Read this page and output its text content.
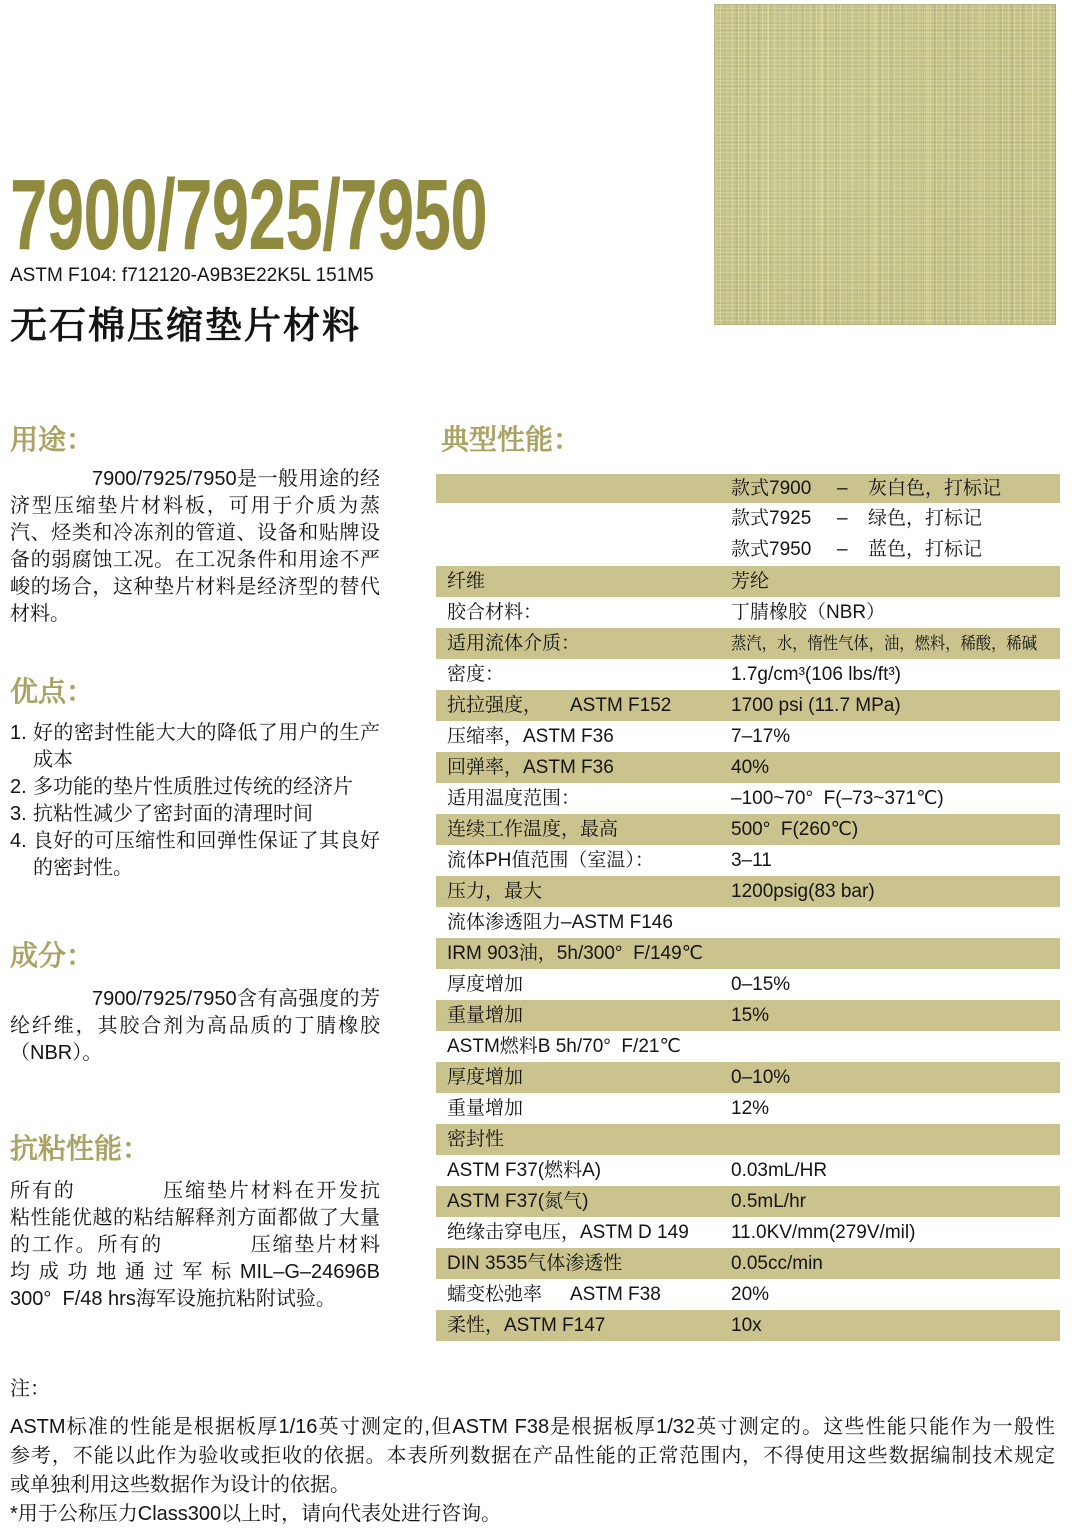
7900/7925/7950
ASTM F104: f712120-A9B3E22K5L 151M5
无石棉压缩垫片材料
用途：
7900/7925/7950是一般用途的经
济型压缩垫片材料板，可用于介质为蒸
汽、烃类和冷冻剂的管道、设备和贴牌设
备的弱腐蚀工况。在工况条件和用途不严
峻的场合，这种垫片材料是经济型的替代
材料。
优点：
1. 好的密封性能大大的降低了用户的生产
成本
2. 多功能的垫片性质胜过传统的经济片
3. 抗粘性减少了密封面的清理时间
4. 良好的可压缩性和回弹性保证了其良好
的密封性。
成分：
7900/7925/7950含有高强度的芳
纶纤维，其胶合剂为高品质的丁腈橡胶
（NBR）。
抗粘性能：
所有的　　　　压缩垫片材料在开发抗
粘性能优越的粘结解释剂方面都做了大量
的工作。所有的　　　　压缩垫片材料
均成功地通过军标MIL–G–24696B
300°  F/48 hrs海军设施抗粘附试验。
典型性能：
款式7900 – 灰白色，打标记
款式7925 – 绿色，打标记
款式7950 – 蓝色，打标记
纤维	芳纶
胶合材料：	丁腈橡胶（NBR）
适用流体介质：	蒸汽，水，惰性气体，油，燃料，稀酸，稀碱
密度：	1.7g/cm³(106 lbs/ft³)
抗拉强度， ASTM F152	1700 psi (11.7 MPa)
压缩率，ASTM F36	7–17%
回弹率，ASTM F36	40%
适用温度范围：	–100~70°  F(–73~371℃)
连续工作温度，最高	500°  F(260℃)
流体PH值范围（室温）：	3–11
压力，最大	1200psig(83 bar)
流体渗透阻力–ASTM F146
IRM 903油，5h/300°  F/149℃
厚度增加	0–15%
重量增加	15%
ASTM燃料B 5h/70°  F/21℃
厚度增加	0–10%
重量增加	12%
密封性
ASTM F37(燃料A)	0.03mL/HR
ASTM F37(氮气)	0.5mL/hr
绝缘击穿电压，ASTM D 149 11.0KV/mm(279V/mil)
DIN 3535气体渗透性	0.05cc/min
蠕变松弛率 ASTM F38	20%
柔性，ASTM F147	10x
注：
ASTM标准的性能是根据板厚1/16英寸测定的,但ASTM F38是根据板厚1/32英寸测定的。这些性能只能作为一般性
参考，不能以此作为验收或拒收的依据。本表所列数据在产品性能的正常范围内，不得使用这些数据编制技术规定
或单独利用这些数据作为设计的依据。
*用于公称压力Class300以上时，请向代表处进行咨询。
